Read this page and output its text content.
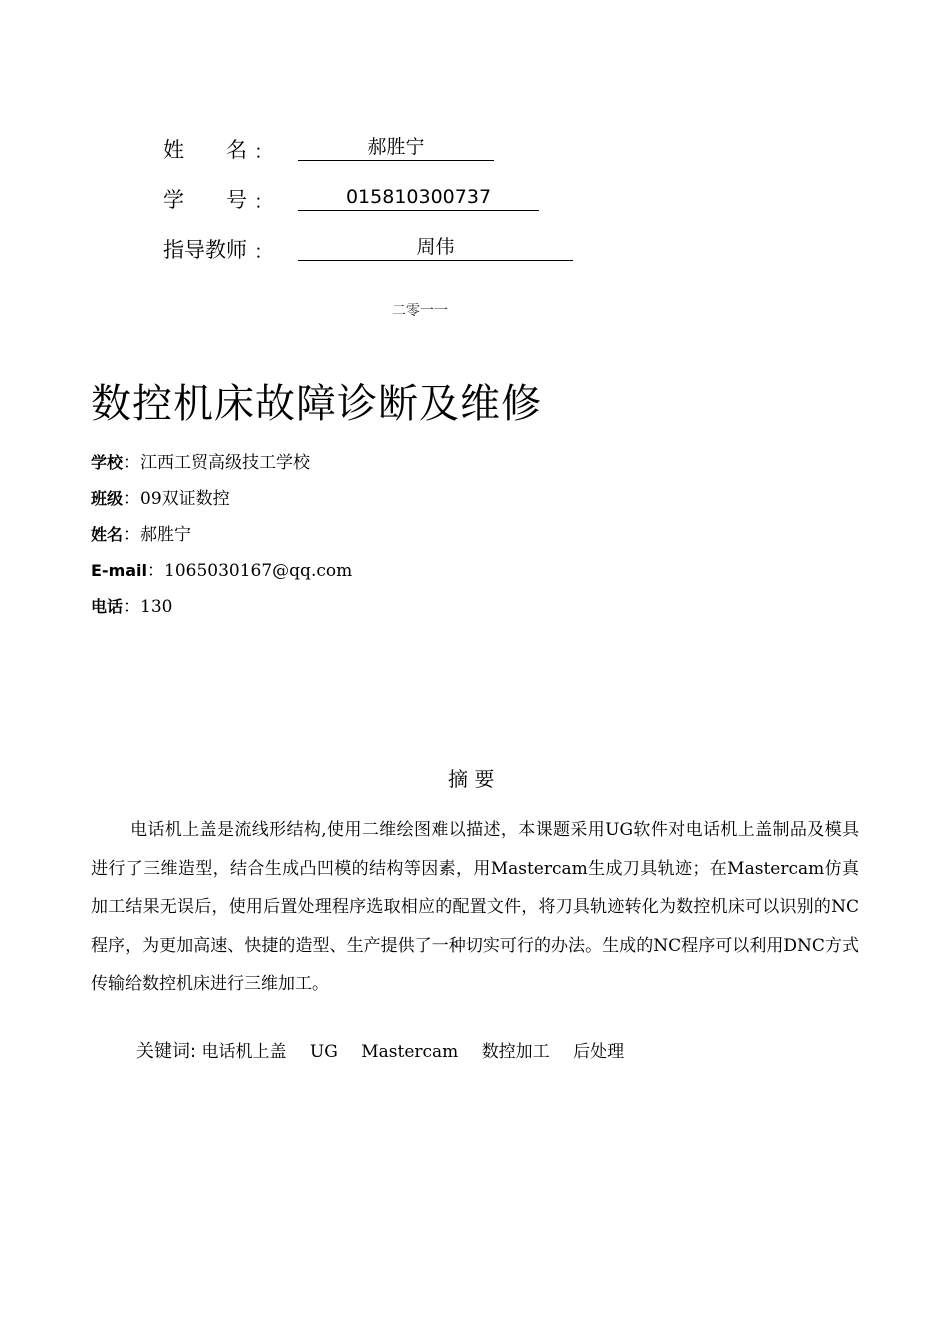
姓　　名 ：	郝胜宁
学　　号 ：	015810300737
指导教师 ：	周伟
二零一一
数控机床故障诊断及维修
学校：江西工贸高级技工学校
班级：09双证数控
姓名：郝胜宁
E-mail：1065030167@qq.com
电话：130
摘 要

电话机上盖是流线形结构,使用二维绘图难以描述，本课题采用UG软件对电话机上盖制品及模具进行了三维造型，结合生成凸凹模的结构等因素，用Mastercam生成刀具轨迹；在Mastercam仿真加工结果无误后，使用后置处理程序选取相应的配置文件，将刀具轨迹转化为数控机床可以识别的NC程序，为更加高速、快捷的造型、生产提供了一种切实可行的办法。生成的NC程序可以利用DNC方式传输给数控机床进行三维加工。

关键词: 电话机上盖 UG Mastercam 数控加工 后处理
